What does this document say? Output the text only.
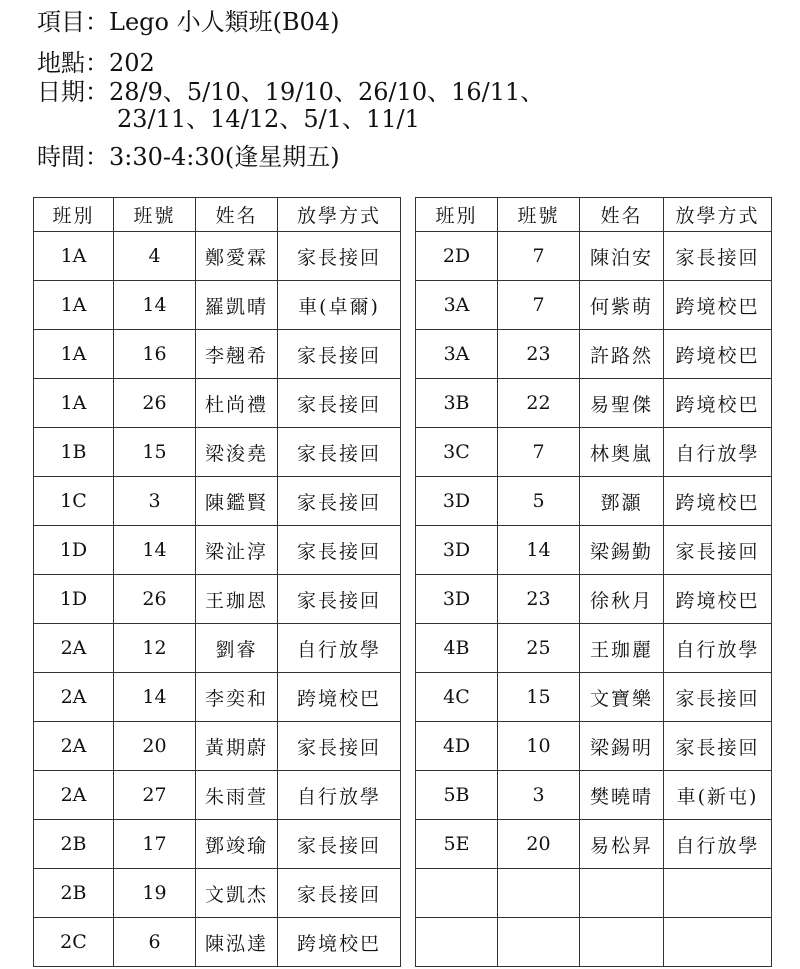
項目：Lego 小人類班(B04)
地點：202
日期：28/9、5/10、19/10、26/10、16/11、
23/11、14/12、5/1、11/1
時間：3:30-4:30(逢星期五)
班別	班號	姓名	放學方式
1A	4	鄭愛霖	家長接回
1A	14	羅凱晴	車(卓爾)
1A	16	李翹希	家長接回
1A	26	杜尚禮	家長接回
1B	15	梁浚堯	家長接回
1C	3	陳鑑賢	家長接回
1D	14	梁沚淳	家長接回
1D	26	王珈恩	家長接回
2A	12	劉睿	自行放學
2A	14	李奕和	跨境校巴
2A	20	黃期蔚	家長接回
2A	27	朱雨萱	自行放學
2B	17	鄧竣瑜	家長接回
2B	19	文凱杰	家長接回
2C	6	陳泓達	跨境校巴
班別	班號	姓名	放學方式
2D	7	陳泊安	家長接回
3A	7	何紫萌	跨境校巴
3A	23	許路然	跨境校巴
3B	22	易聖傑	跨境校巴
3C	7	林奥嵐	自行放學
3D	5	鄧灝	跨境校巴
3D	14	梁錫勤	家長接回
3D	23	徐秋月	跨境校巴
4B	25	王珈麗	自行放學
4C	15	文寶樂	家長接回
4D	10	梁錫明	家長接回
5B	3	樊曉晴	車(新屯)
5E	20	易松昇	自行放學
